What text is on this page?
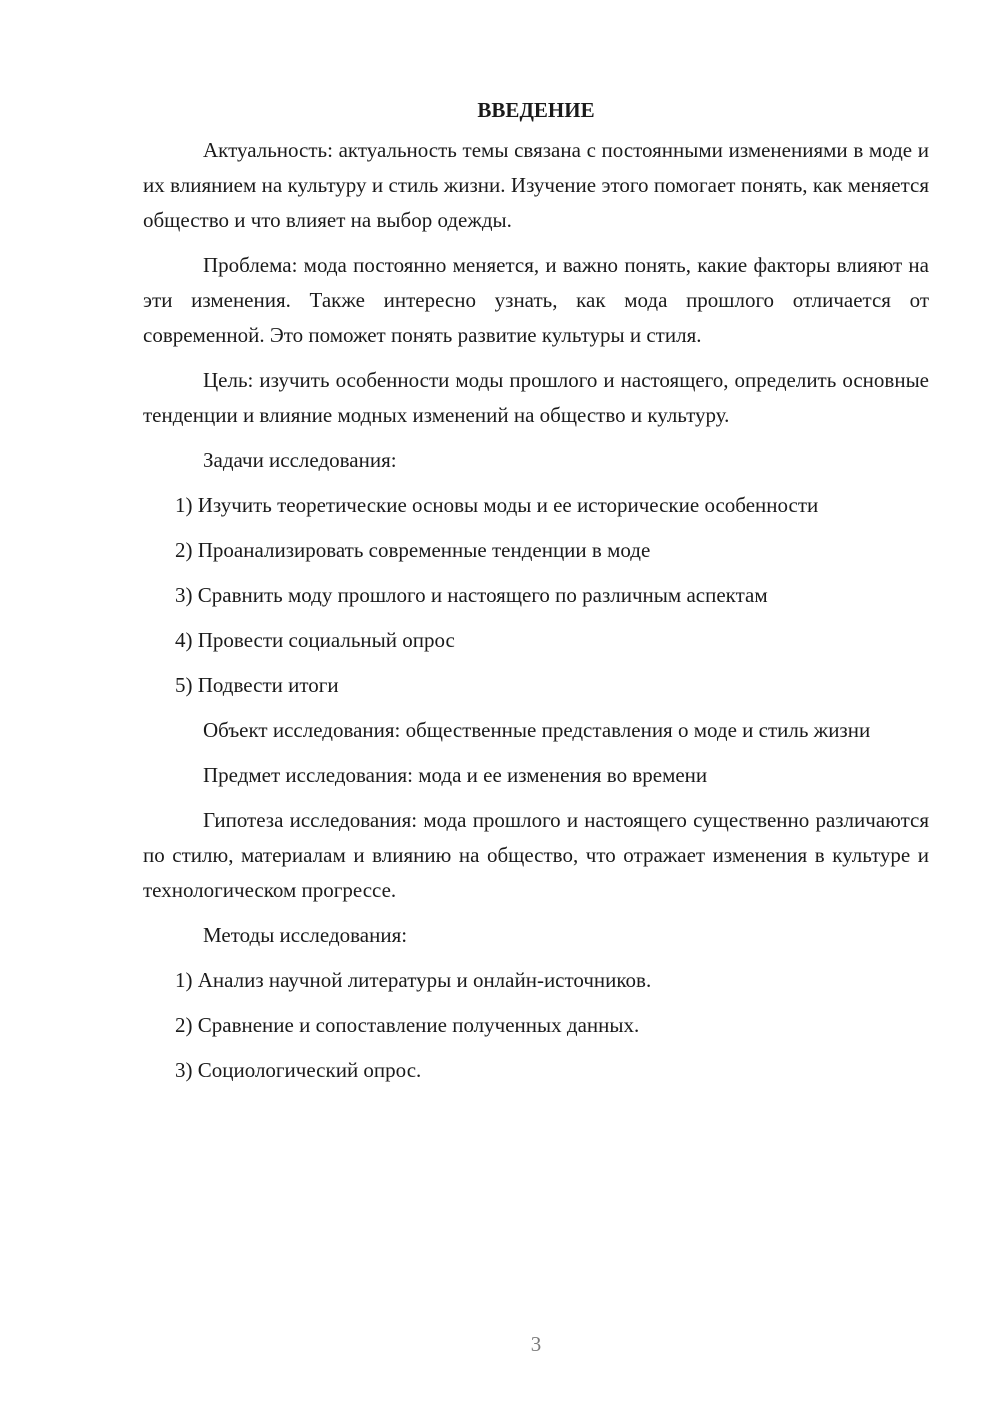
ВВЕДЕНИЕ

Актуальность: актуальность темы связана с постоянными изменениями в моде и их влиянием на культуру и стиль жизни. Изучение этого помогает понять, как меняется общество и что влияет на выбор одежды.

Проблема: мода постоянно меняется, и важно понять, какие факторы влияют на эти изменения. Также интересно узнать, как мода прошлого отличается от современной. Это поможет понять развитие культуры и стиля.

Цель: изучить особенности моды прошлого и настоящего, определить основные тенденции и влияние модных изменений на общество и культуру.

Задачи исследования:
1) Изучить теоретические основы моды и ее исторические особенности
2) Проанализировать современные тенденции в моде
3) Сравнить моду прошлого и настоящего по различным аспектам
4) Провести социальный опрос
5) Подвести итоги

Объект исследования: общественные представления о моде и стиль жизни

Предмет исследования: мода и ее изменения во времени

Гипотеза исследования: мода прошлого и настоящего существенно различаются по стилю, материалам и влиянию на общество, что отражает изменения в культуре и технологическом прогрессе.

Методы исследования:
1) Анализ научной литературы и онлайн-источников.
2) Сравнение и сопоставление полученных данных.
3) Социологический опрос.
3
